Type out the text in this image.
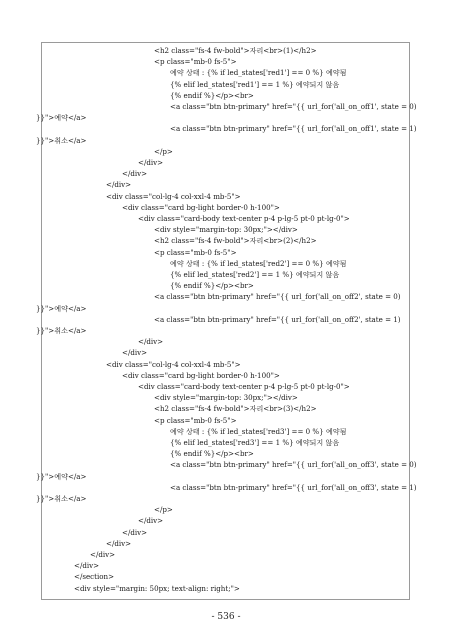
<h2 class="fs-4 fw-bold">자리<br>(1)</h2>
<p class="mb-0 fs-5">
예약 상태 : {% if led_states['red1'] == 0 %} 예약됨
{% elif led_states['red1'] == 1 %} 예약되지 않음
{% endif %}</p><br>
<a class="btn btn-primary" href="{{ url_for('all_on_off1', state = 0)
}}">예약</a>
<a class="btn btn-primary" href="{{ url_for('all_on_off1', state = 1)
}}">취소</a>
</p>
</div>
</div>
</div>
<div class="col-lg-4 col-xxl-4 mb-5">
<div class="card bg-light border-0 h-100">
<div class="card-body text-center p-4 p-lg-5 pt-0 pt-lg-0">
<div style="margin-top: 30px;"></div>
<h2 class="fs-4 fw-bold">자리<br>(2)</h2>
<p class="mb-0 fs-5">
예약 상태 : {% if led_states['red2'] == 0 %} 예약됨
{% elif led_states['red2'] == 1 %} 예약되지 않음
{% endif %}</p><br>
<a class="btn btn-primary" href="{{ url_for('all_on_off2', state = 0)
}}">예약</a>
<a class="btn btn-primary" href="{{ url_for('all_on_off2', state = 1)
}}">취소</a>
</div>
</div>
<div class="col-lg-4 col-xxl-4 mb-5">
<div class="card bg-light border-0 h-100">
<div class="card-body text-center p-4 p-lg-5 pt-0 pt-lg-0">
<div style="margin-top: 30px;"></div>
<h2 class="fs-4 fw-bold">자리<br>(3)</h2>
<p class="mb-0 fs-5">
예약 상태 : {% if led_states['red3'] == 0 %} 예약됨
{% elif led_states['red3'] == 1 %} 예약되지 않음
{% endif %}</p><br>
<a class="btn btn-primary" href="{{ url_for('all_on_off3', state = 0)
}}">예약</a>
<a class="btn btn-primary" href="{{ url_for('all_on_off3', state = 1)
}}">취소</a>
</p>
</div>
</div>
</div>
</div>
</div>
</section>
<div style="margin: 50px; text-align: right;">
- 536 -
